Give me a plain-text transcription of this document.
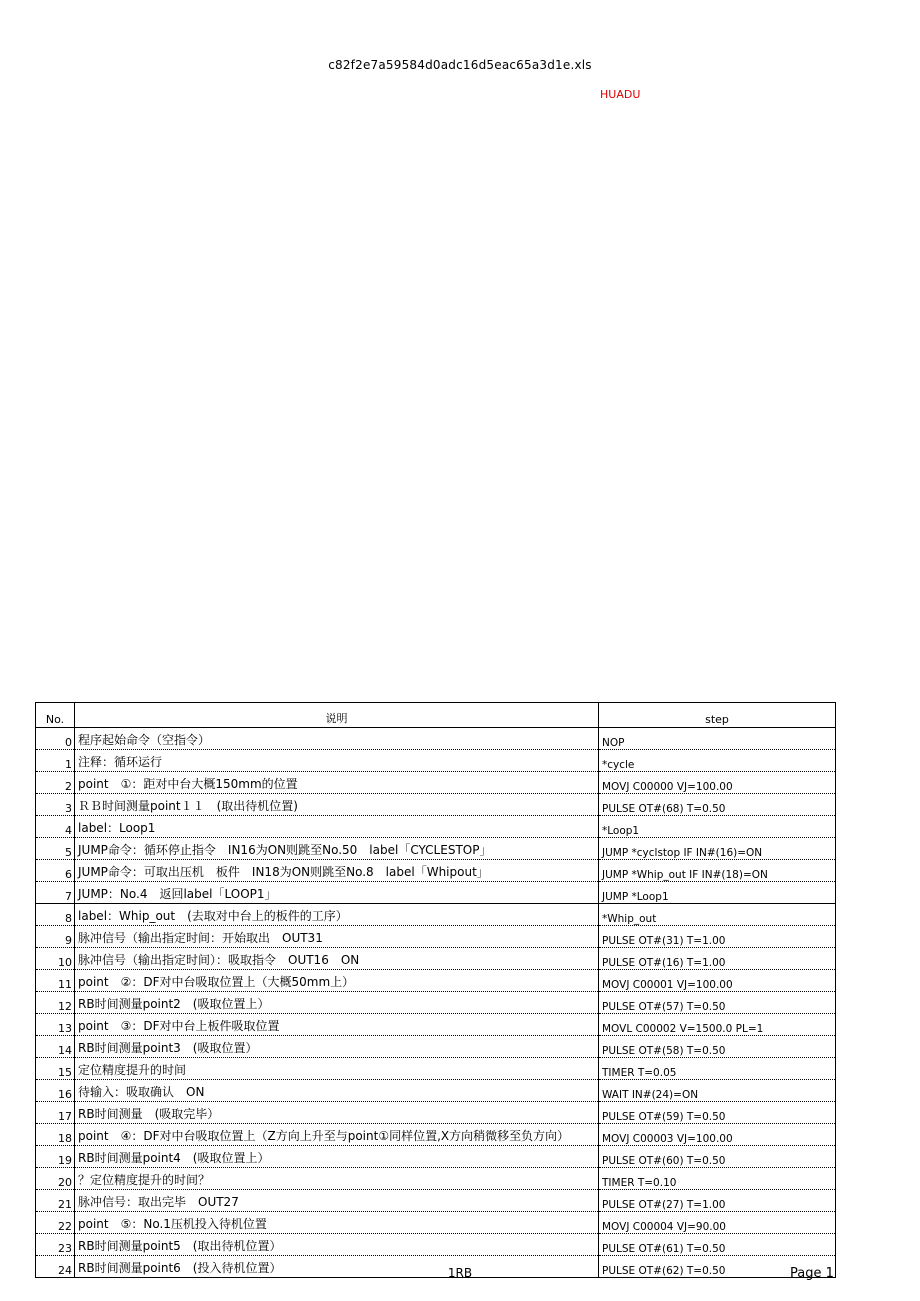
c82f2e7a59584d0adc16d5eac65a3d1e.xls
HUADU
No.	说明	step
0	程序起始命令（空指令）	NOP
1	注释：循环运行	*cycle
2	point　①：距对中台大概150mm的位置	MOVJ C00000 VJ=100.00
3	ＲＢ时间测量point１１　(取出待机位置)	PULSE OT#(68) T=0.50
4	label：Loop1	*Loop1
5	JUMP命令：循环停止指令　IN16为ON则跳至No.50　label「CYCLESTOP」	JUMP *cyclstop IF IN#(16)=ON
6	JUMP命令：可取出压机　板件　IN18为ON则跳至No.8　label「Whipout」	JUMP *Whip_out IF IN#(18)=ON
7	JUMP：No.4　返回label「LOOP1」	JUMP *Loop1
8	label：Whip_out　(去取对中台上的板件的工序）	*Whip_out
9	脉冲信号（输出指定时间：开始取出　OUT31	PULSE OT#(31) T=1.00
10	脉冲信号（输出指定时间）：吸取指令　OUT16　ON	PULSE OT#(16) T=1.00
11	point　②：DF对中台吸取位置上（大概50mm上）	MOVJ C00001 VJ=100.00
12	RB时间测量point2　(吸取位置上）	PULSE OT#(57) T=0.50
13	point　③：DF对中台上板件吸取位置	MOVL C00002 V=1500.0 PL=1
14	RB时间测量point3　(吸取位置）	PULSE OT#(58) T=0.50
15	定位精度提升的时间	TIMER T=0.05
16	待输入：吸取确认　ON	WAIT IN#(24)=ON
17	RB时间测量　(吸取完毕）	PULSE OT#(59) T=0.50
18	point　④：DF对中台吸取位置上（Z方向上升至与point①同样位置,X方向稍微移至负方向）	MOVJ C00003 VJ=100.00
19	RB时间测量point4　(吸取位置上）	PULSE OT#(60) T=0.50
20	？定位精度提升的时间？	TIMER T=0.10
21	脉冲信号：取出完毕　OUT27	PULSE OT#(27) T=1.00
22	point　⑤：No.1压机投入待机位置	MOVJ C00004 VJ=90.00
23	RB时间测量point5　(取出待机位置）	PULSE OT#(61) T=0.50
24	RB时间测量point6　(投入待机位置）	PULSE OT#(62) T=0.50
1RB	Page 1
